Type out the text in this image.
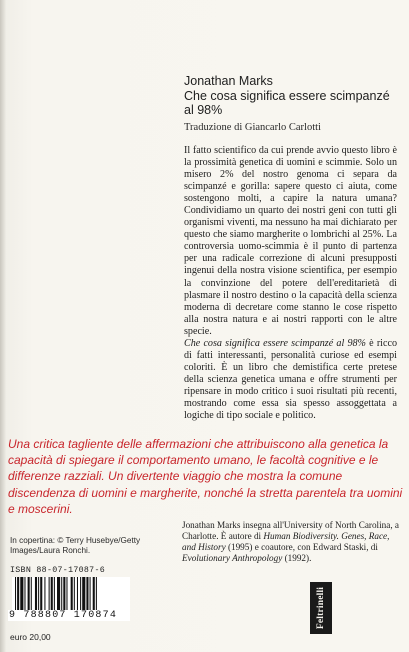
Jonathan Marks
Che cosa significa essere scimpanzé
al 98%
Traduzione di Giancarlo Carlotti

Il fatto scientifico da cui prende avvio questo libro è la prossimità genetica di uomini e scimmie. Solo un misero 2% del nostro genoma ci separa da scimpanzé e gorilla: sapere questo ci aiuta, come sostengono molti, a capire la natura umana? Condividiamo un quarto dei nostri geni con tutti gli organismi viventi, ma nessuno ha mai dichiarato per questo che siamo margherite o lombrichi al 25%. La controversia uomo-scimmia è il punto di partenza per una radicale correzione di alcuni presupposti ingenui della nostra visione scientifica, per esempio la convinzione del potere dell'ereditarietà di plasmare il nostro destino o la capacità della scienza moderna di decretare come stanno le cose rispetto alla nostra natura e ai nostri rapporti con le altre specie.

Che cosa significa essere scimpanzé al 98% è ricco di fatti interessanti, personalità curiose ed esempi coloriti. È un libro che demistifica certe pretese della scienza genetica umana e offre strumenti per ripensare in modo critico i suoi risultati più recenti, mostrando come essa sia spesso assoggettata a logiche di tipo sociale e politico.

Una critica tagliente delle affermazioni che attribuiscono alla genetica la capacità di spiegare il comportamento umano, le facoltà cognitive e le differenze razziali. Un divertente viaggio che mostra la comune discendenza di uomini e margherite, nonché la stretta parentela tra uomini e moscerini.

In copertina: © Terry Husebye/Getty Images/Laura Ronchi.

Jonathan Marks insegna all'University of North Carolina, a Charlotte. È autore di Human Biodiversity. Genes, Race, and History (1995) e coautore, con Edward Staski, di Evolutionary Anthropology (1992).

ISBN 88-07-17087-6
9 788807 170874
euro 20,00
Feltrinelli
